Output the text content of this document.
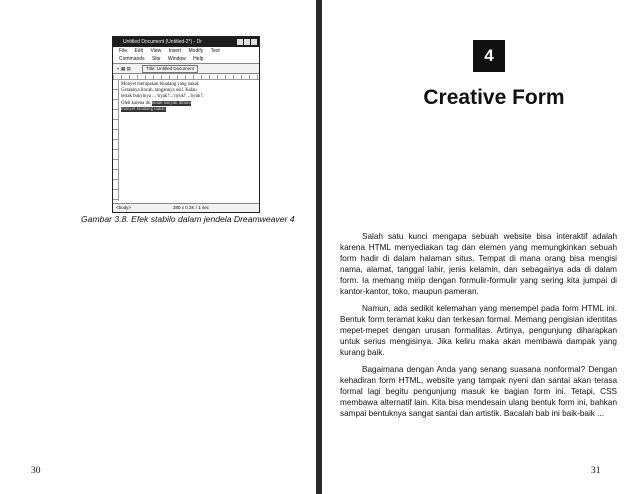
Untitled Document (Untitled-2*) - Dr
File Edit View Insert Modify Text
Commands Site Window Help
◐ ▦ ▤	Title: Untitled Document
Monyet merupakan binatang yang nakal.
Geraknya lincah, tangannya usil. Kalau
teriak bunyinya ... 'nyuk!'...'nyuk!'...'nyuk!'.
Oleh karena itu hutan banyak dihuni
monyet binatang nakal.
<body>	380 x 0 2K / 1 sec
Gambar 3.8. Efek stabilo dalam jendela Dreamweaver 4
30
4
Creative Form

Salah satu kunci mengapa sebuah website bisa interaktif adalah karena HTML menyediakan tag dan elemen yang memungkinkan sebuah form hadir di dalam halaman situs. Tempat di mana orang bisa mengisi nama, alamat, tanggal lahir, jenis kelamin, dan sebagainya ada di dalam form. Ia memang mirip dengan formulir-formulir yang sering kita jumpai di kantor-kantor, toko, maupun pameran.

Namun, ada sedikit kelemahan yang menempel pada form HTML ini. Bentuk form teramat kaku dan terkesan formal. Memang pengisian identitas mepet-mepet dengan urusan formalitas. Artinya, pengunjung diharapkan untuk serius mengisinya. Jika keliru maka akan membawa dampak yang kurang baik.

Bagaimana dengan Anda yang senang suasana nonformal? Dengan kehadiran form HTML, website yang tampak nyeni dan santai akan terasa formal lagi begitu pengunjung masuk ke bagian form ini. Tetapi, CSS membawa alternatif lain. Kita bisa mendesain ulang bentuk form ini, bahkan sampai bentuknya sangat santai dan artistik. Bacalah bab ini baik-baik ...

31
